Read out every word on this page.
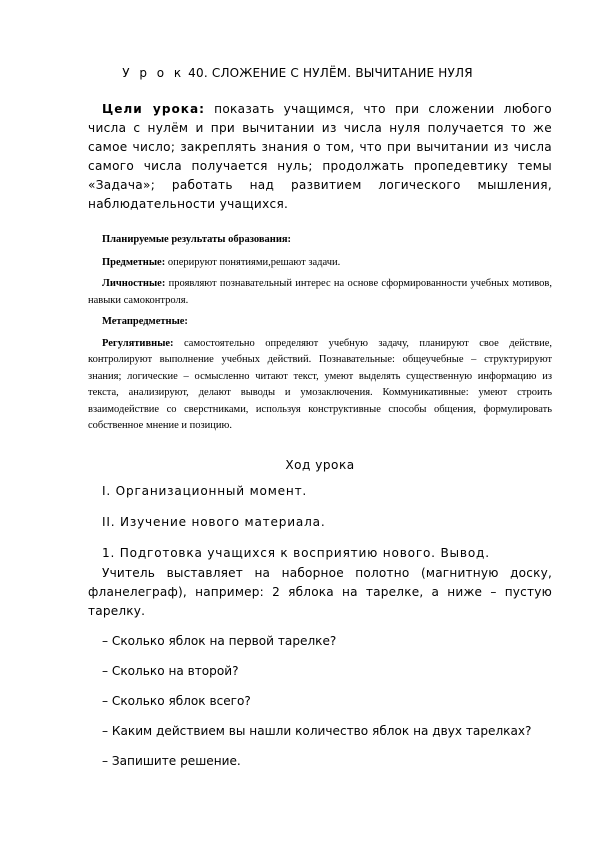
У р о к 40. СЛОЖЕНИЕ С НУЛЁМ. ВЫЧИТАНИЕ НУЛЯ

Цели урока: показать учащимся, что при сложении любого числа с нулём и при вычитании из числа нуля получается то же самое число; закреплять знания о том, что при вычитании из числа самого числа получается нуль; продолжать пропедевтику темы «Задача»; работать над развитием логического мышления, наблюдательности учащихся.

Планируемые результаты образования:

Предметные: оперируют понятиями,решают задачи.

Личностные: проявляют познавательный интерес на основе сформированности учебных мотивов, навыки самоконтроля.

Метапредметные:

Регулятивные: самостоятельно определяют учебную задачу, планируют свое действие, контролируют выполнение учебных действий. Познавательные: общеучебные – структурируют знания; логические – осмысленно читают текст, умеют выделять существенную информацию из текста, анализируют, делают выводы и умозаключения. Коммуникативные: умеют строить взаимодействие со сверстниками, используя конструктивные способы общения, формулировать собственное мнение и позицию.

Ход урока

I. Организационный момент.

II. Изучение нового материала.

1. Подготовка учащихся к восприятию нового. Вывод.

Учитель выставляет на наборное полотно (магнитную доску, фланелеграф), например: 2 яблока на тарелке, а ниже – пустую тарелку.

– Сколько яблок на первой тарелке?

– Сколько на второй?

– Сколько яблок всего?

– Каким действием вы нашли количество яблок на двух тарелках?

– Запишите решение.
